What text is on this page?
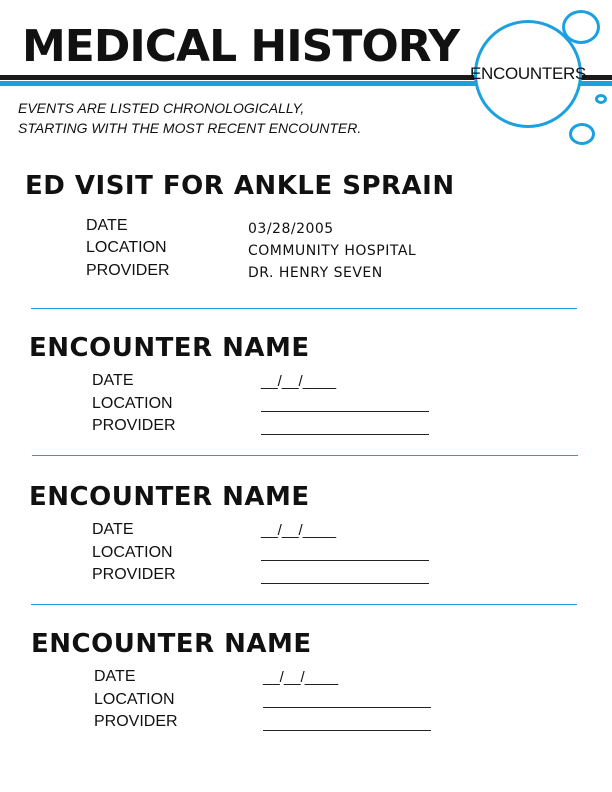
MEDICAL HISTORY
ENCOUNTERS

EVENTS ARE LISTED CHRONOLOGICALLY,
STARTING WITH THE MOST RECENT ENCOUNTER.

ED VISIT FOR ANKLE SPRAIN
DATE
LOCATION
PROVIDER
03/28/2005
COMMUNITY HOSPITAL
DR. HENRY SEVEN
ENCOUNTER NAME
DATE
LOCATION
PROVIDER
__/__/____
ENCOUNTER NAME
DATE
LOCATION
PROVIDER
__/__/____
ENCOUNTER NAME
DATE
LOCATION
PROVIDER
__/__/____
